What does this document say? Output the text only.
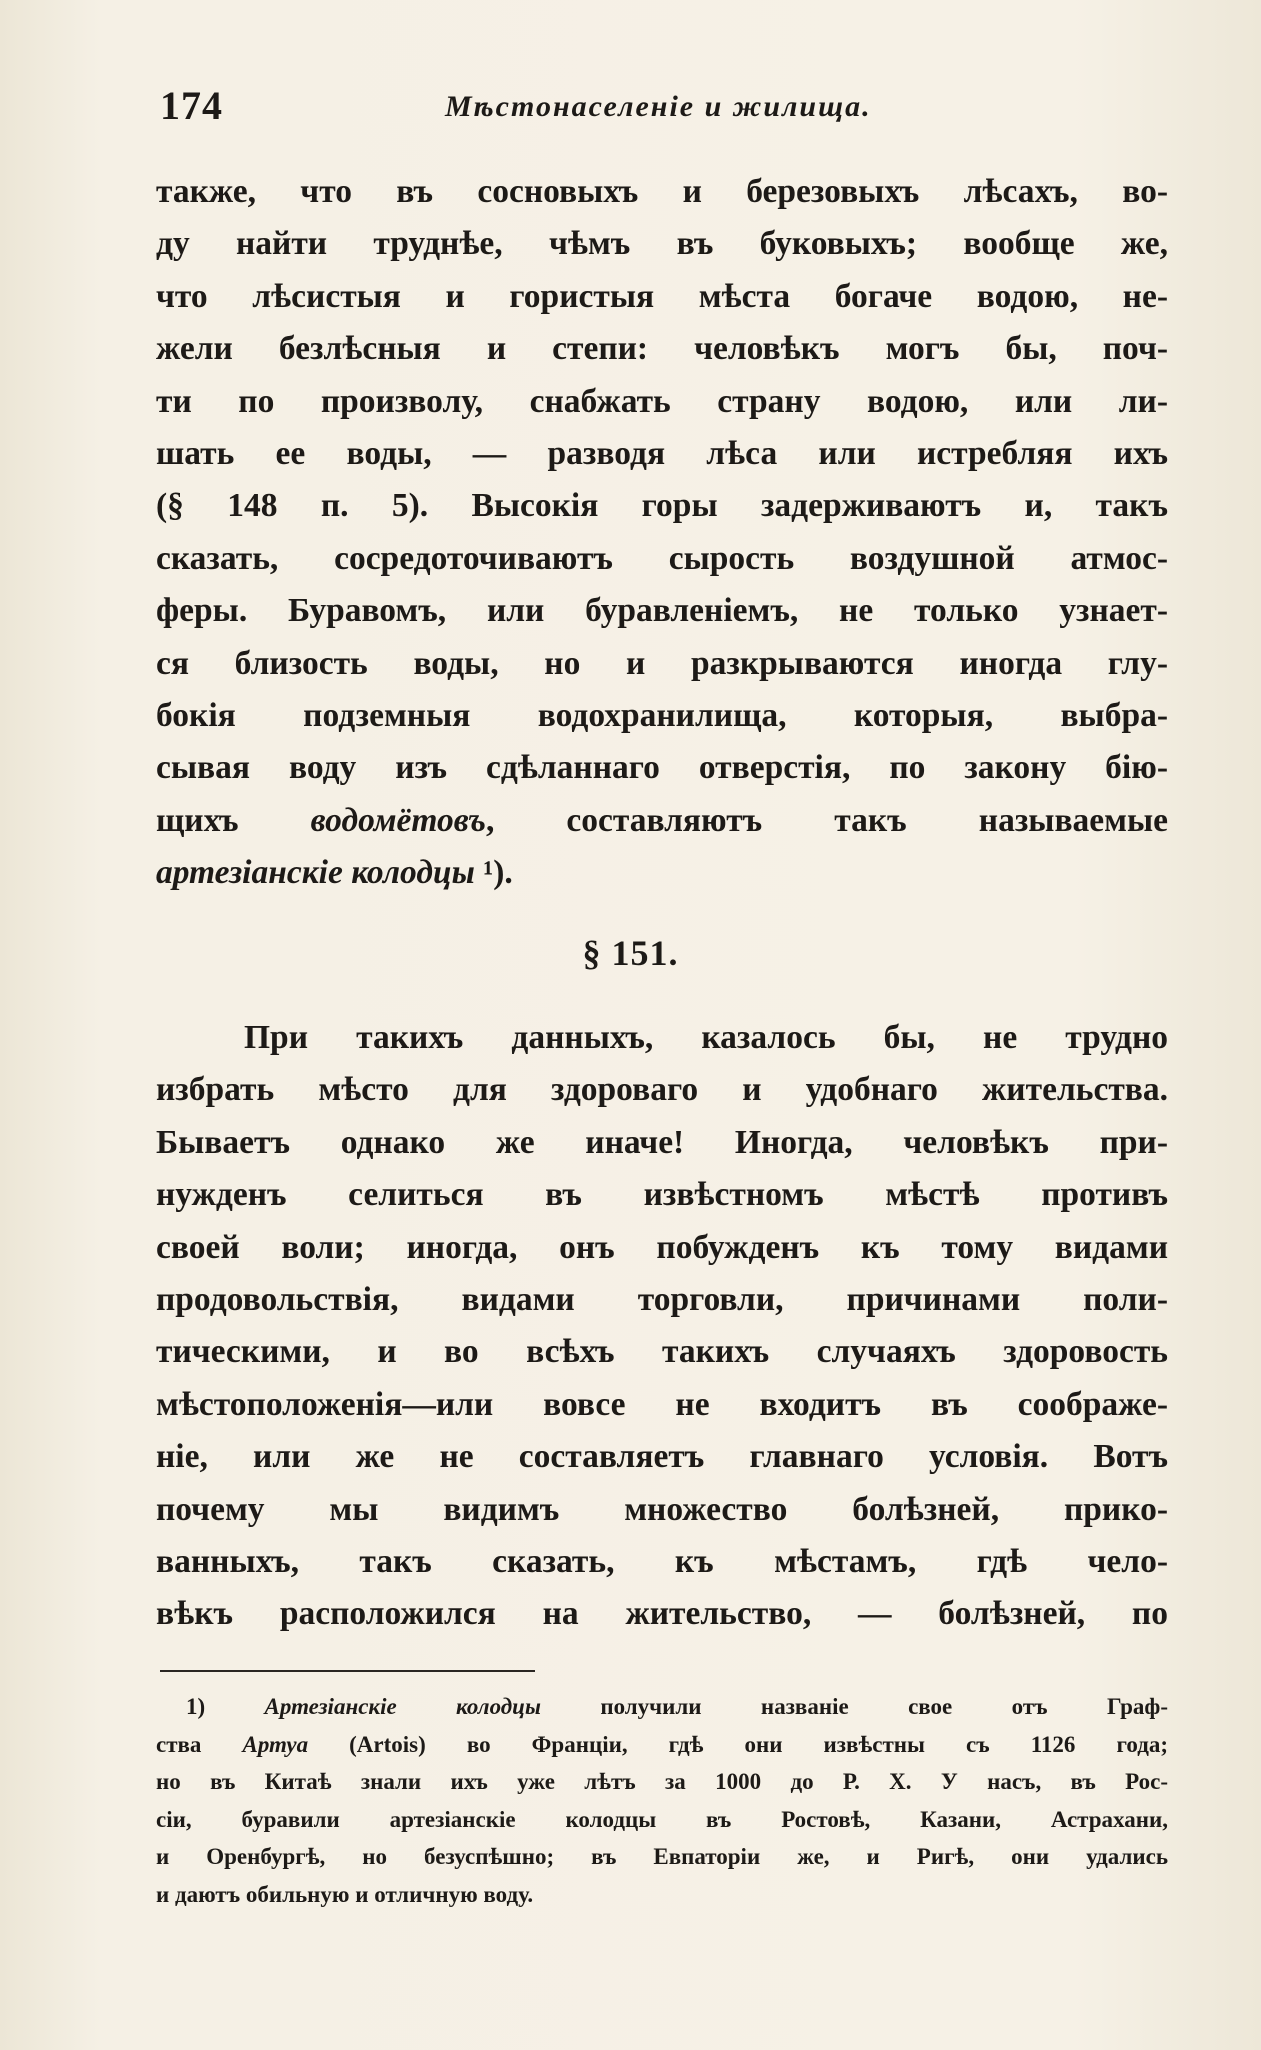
174	Мѣстонаселеніе и жилища.
также, что въ сосновыхъ и березовыхъ лѣсахъ, во-
ду найти труднѣе, чѣмъ въ буковыхъ; вообще же,
что лѣсистыя и гористыя мѣста богаче водою, не-
жели безлѣсныя и степи: человѣкъ могъ бы, поч-
ти по произволу, снабжать страну водою, или ли-
шать ее воды, — разводя лѣса или истребляя ихъ
(§ 148 п. 5). Высокія горы задерживаютъ и, такъ
сказать, сосредоточиваютъ сырость воздушной атмос-
феры. Буравомъ, или буравленіемъ, не только узнает-
ся близость воды, но и разкрываются иногда глу-
бокія подземныя водохранилища, которыя, выбра-
сывая воду изъ сдѣланнаго отверстія, по закону бію-
щихъ водомётовъ, составляютъ такъ называемые
артезіанскіе колодцы ¹).
§ 151.
При такихъ данныхъ, казалось бы, не трудно
избрать мѣсто для здороваго и удобнаго жительства.
Бываетъ однако же иначе! Иногда, человѣкъ при-
нужденъ селиться въ извѣстномъ мѣстѣ противъ
своей воли; иногда, онъ побужденъ къ тому видами
продовольствія, видами торговли, причинами поли-
тическими, и во всѣхъ такихъ случаяхъ здоровость
мѣстоположенія—или вовсе не входитъ въ соображе-
ніе, или же не составляетъ главнаго условія. Вотъ
почему мы видимъ множество болѣзней, прико-
ванныхъ, такъ сказать, къ мѣстамъ, гдѣ чело-
вѣкъ расположился на жительство, — болѣзней, по
1) Артезіанскіе колодцы получили названіе свое отъ Граф-
ства Артуа (Artois) во Франціи, гдѣ они извѣстны съ 1126 года;
но въ Китаѣ знали ихъ уже лѣтъ за 1000 до Р. Х. У насъ, въ Рос-
сіи, буравили артезіанскіе колодцы въ Ростовѣ, Казани, Астрахани,
и Оренбургѣ, но безуспѣшно; въ Евпаторіи же, и Ригѣ, они удались
и даютъ обильную и отличную воду.
